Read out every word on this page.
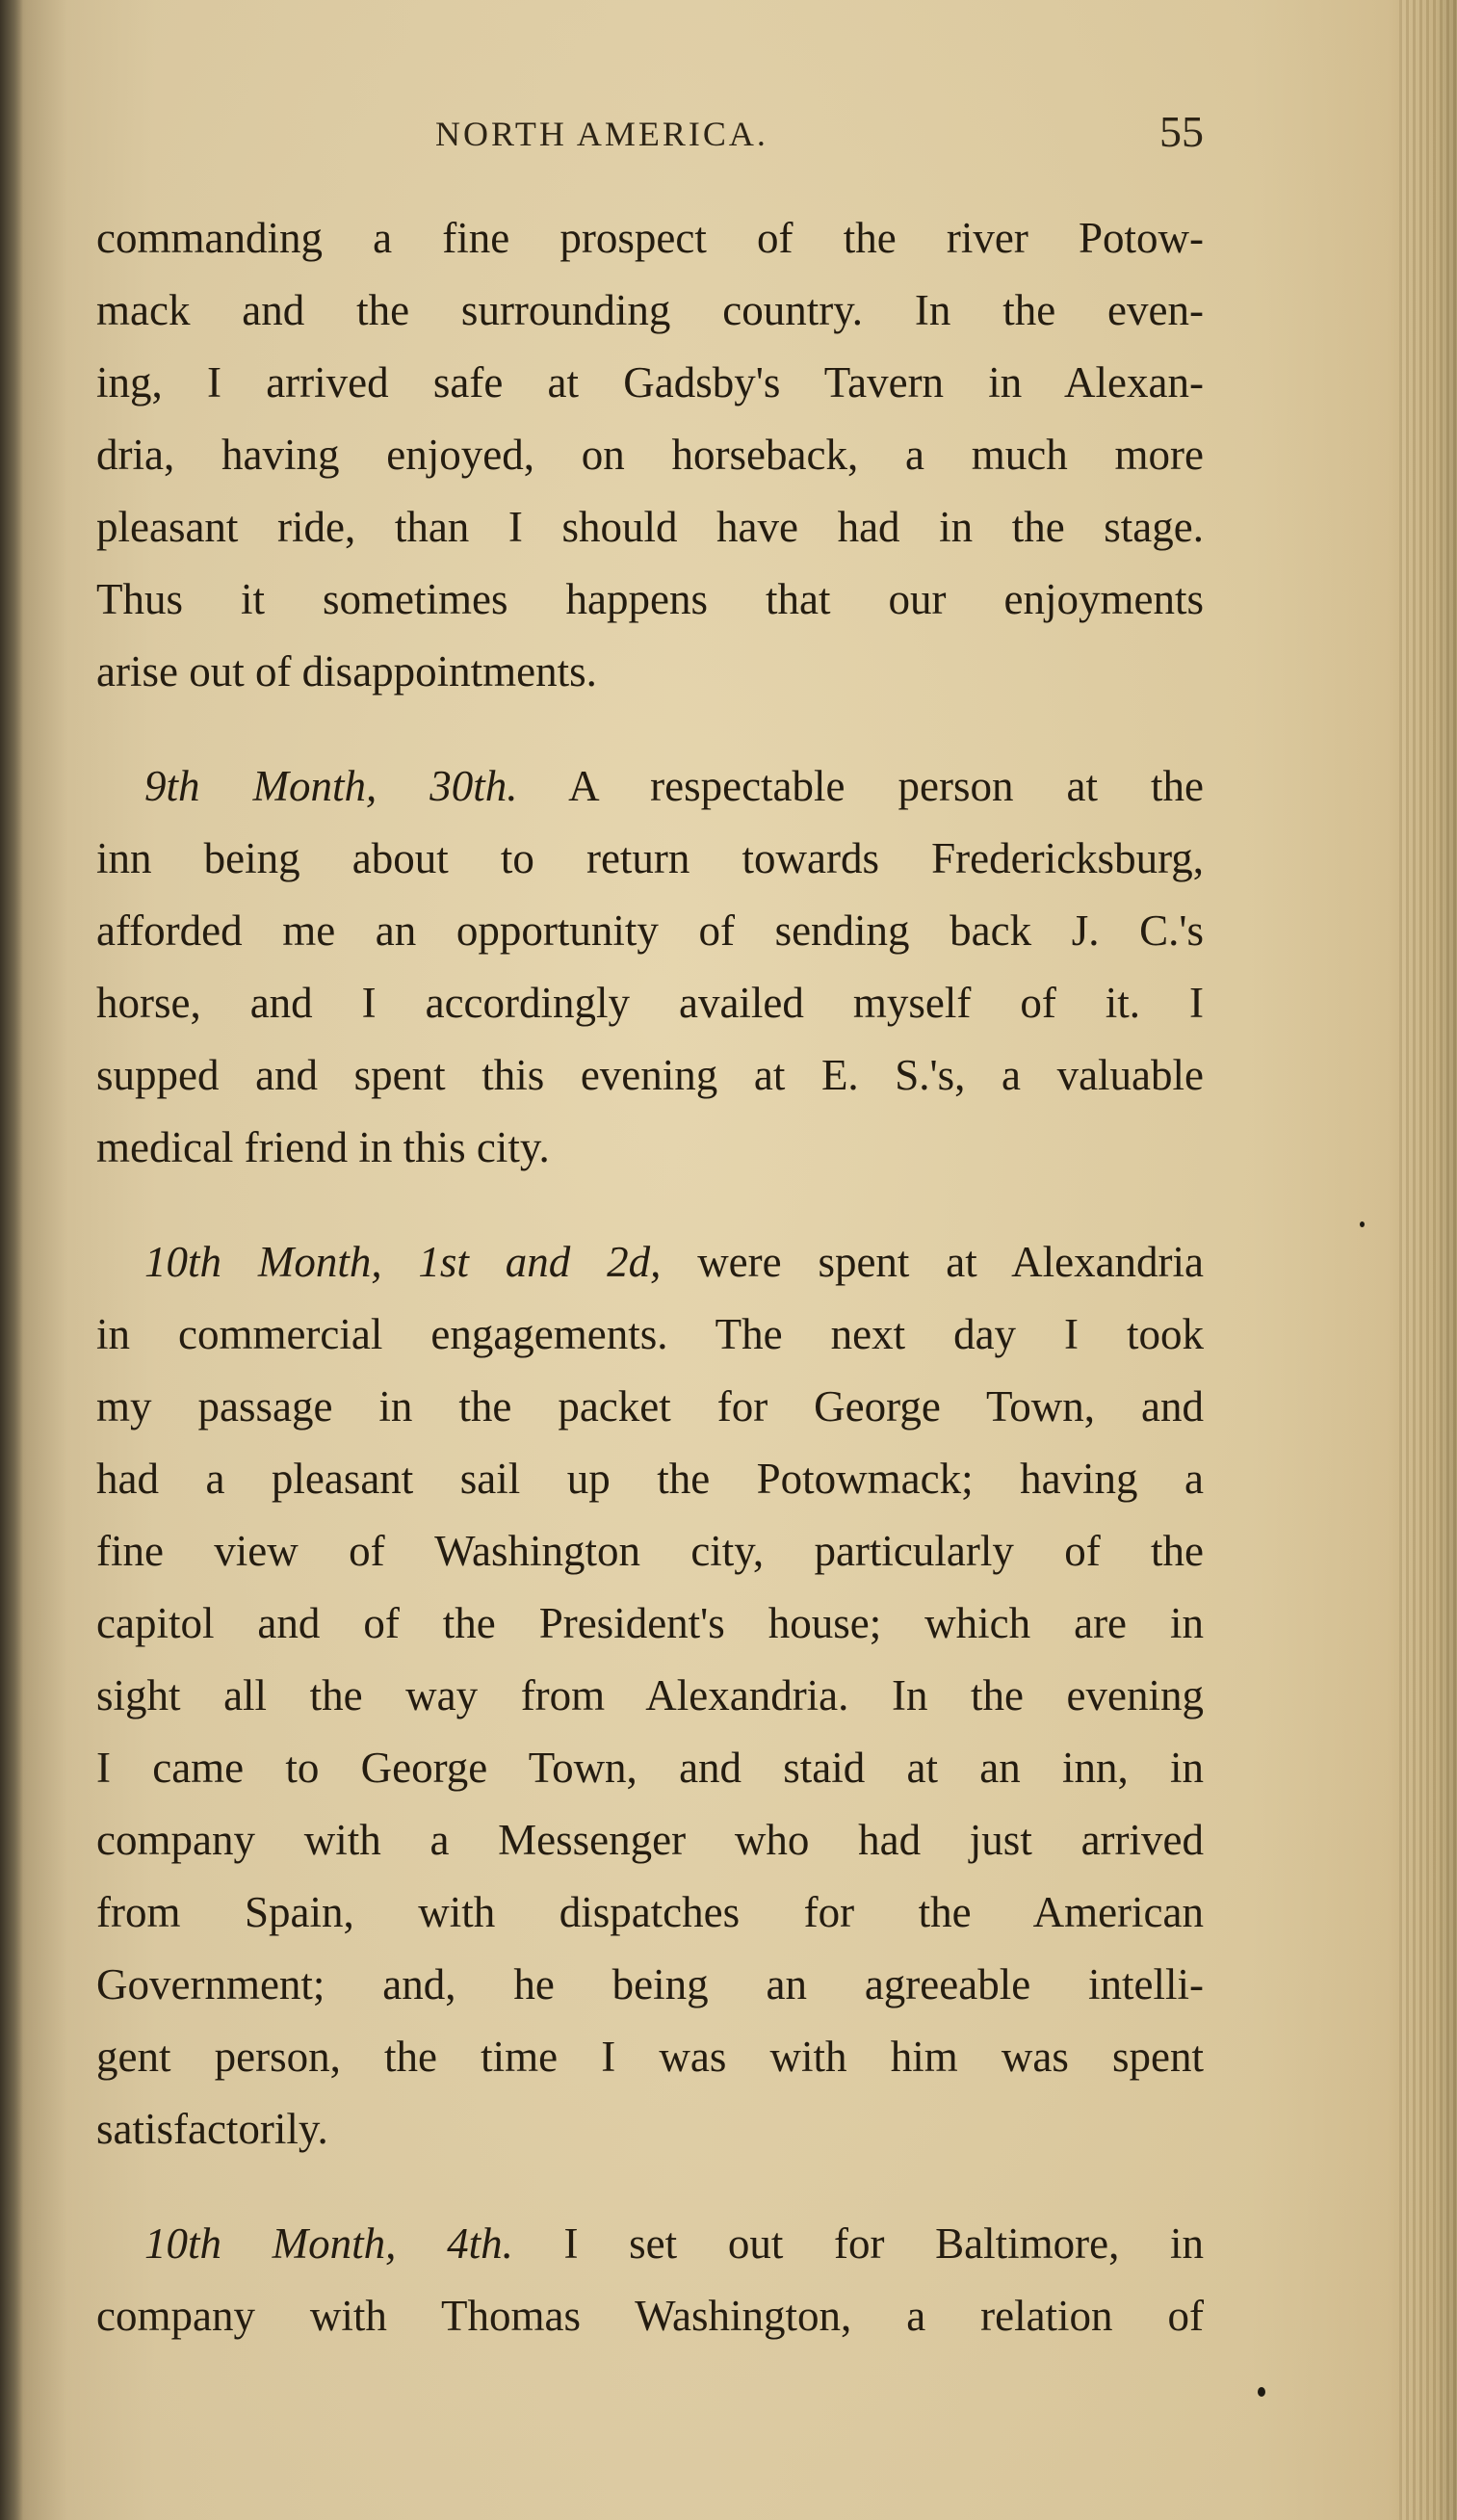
NORTH AMERICA.	55
commanding a fine prospect of the river Potow-
mack and the surrounding country. In the even-
ing, I arrived safe at Gadsby's Tavern in Alexan-
dria, having enjoyed, on horseback, a much more
pleasant ride, than I should have had in the stage.
Thus it sometimes happens that our enjoyments
arise out of disappointments.
9th Month, 30th. A respectable person at the
inn being about to return towards Fredericksburg,
afforded me an opportunity of sending back J. C.'s
horse, and I accordingly availed myself of it. I
supped and spent this evening at E. S.'s, a valuable
medical friend in this city.
10th Month, 1st and 2d, were spent at Alexandria
in commercial engagements. The next day I took
my passage in the packet for George Town, and
had a pleasant sail up the Potowmack; having a
fine view of Washington city, particularly of the
capitol and of the President's house; which are in
sight all the way from Alexandria. In the evening
I came to George Town, and staid at an inn, in
company with a Messenger who had just arrived
from Spain, with dispatches for the American
Government; and, he being an agreeable intelli-
gent person, the time I was with him was spent
satisfactorily.
10th Month, 4th. I set out for Baltimore, in
company with Thomas Washington, a relation of
